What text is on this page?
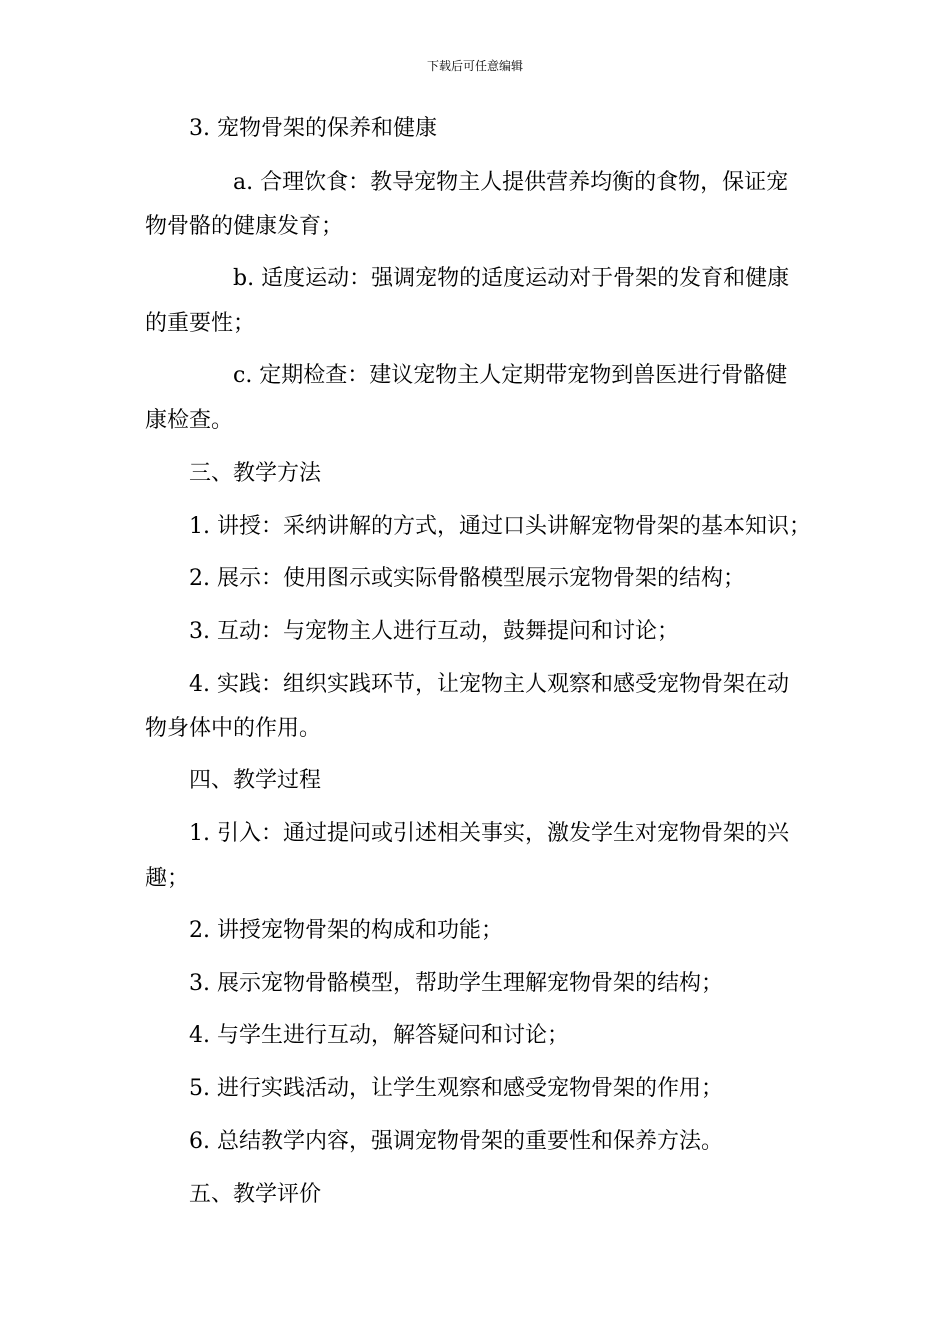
下载后可任意编辑
3. 宠物骨架的保养和健康
a. 合理饮食：教导宠物主人提供营养均衡的食物，保证宠
物骨骼的健康发育；
b. 适度运动：强调宠物的适度运动对于骨架的发育和健康
的重要性；
c. 定期检查：建议宠物主人定期带宠物到兽医进行骨骼健
康检查。
三、教学方法
1. 讲授：采纳讲解的方式，通过口头讲解宠物骨架的基本知识；
2. 展示：使用图示或实际骨骼模型展示宠物骨架的结构；
3. 互动：与宠物主人进行互动，鼓舞提问和讨论；
4. 实践：组织实践环节，让宠物主人观察和感受宠物骨架在动
物身体中的作用。
四、教学过程
1. 引入：通过提问或引述相关事实，激发学生对宠物骨架的兴
趣；
2. 讲授宠物骨架的构成和功能；
3. 展示宠物骨骼模型，帮助学生理解宠物骨架的结构；
4. 与学生进行互动，解答疑问和讨论；
5. 进行实践活动，让学生观察和感受宠物骨架的作用；
6. 总结教学内容，强调宠物骨架的重要性和保养方法。
五、教学评价
